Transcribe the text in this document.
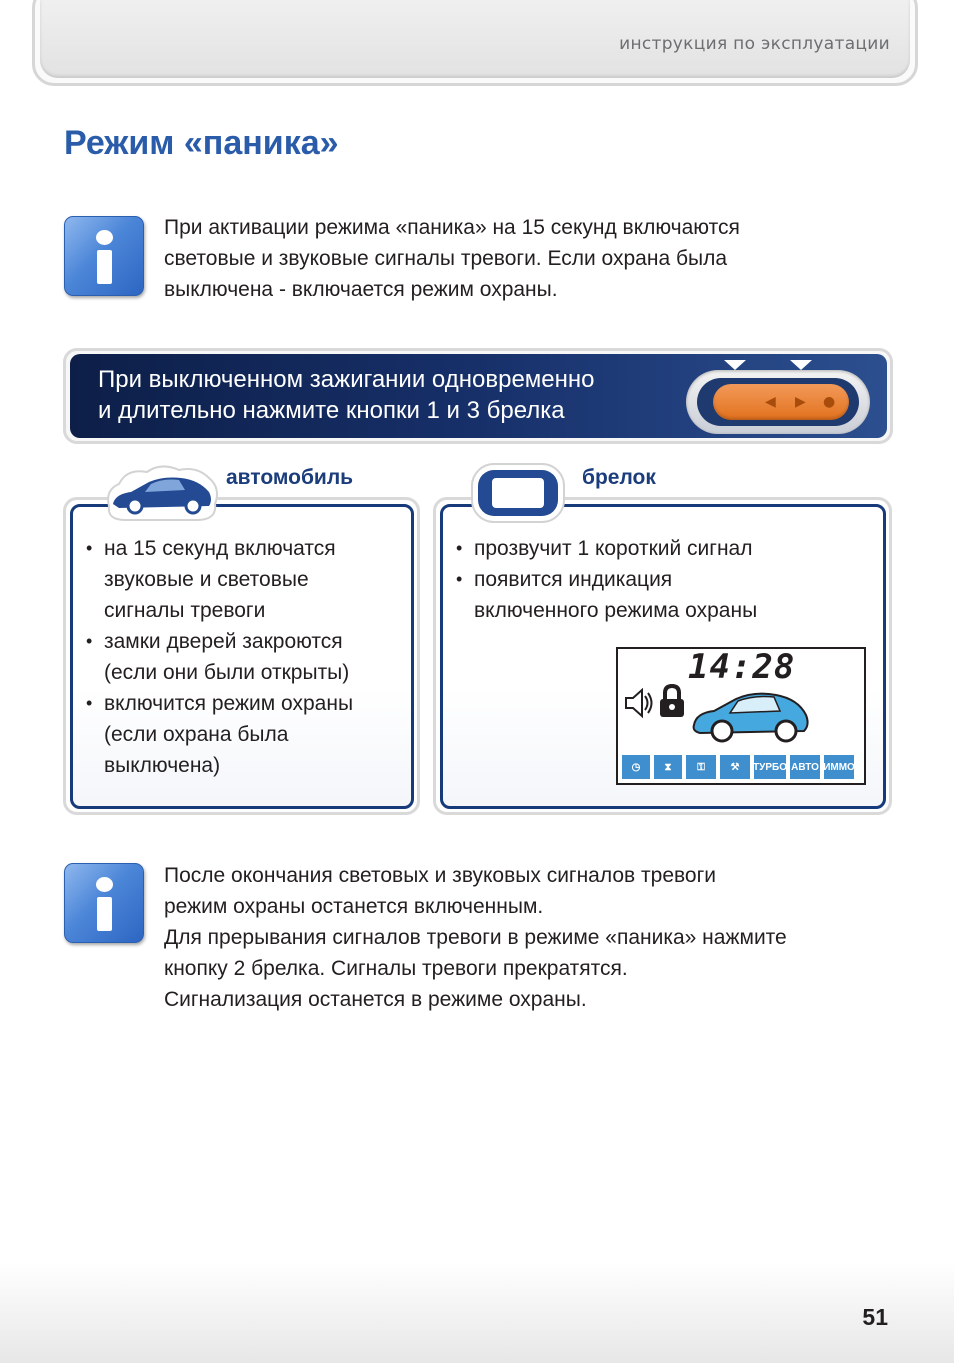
инструкция по эксплуатации
Режим «паника»

При активации режима «паника» на 15 секунд включаются
световые и звуковые сигналы тревоги. Если охрана была
выключена - включается режим охраны.

При выключенном зажигании одновременно
и длительно нажмите кнопки 1 и 3 брелка	◀ ▶ ●
автомобиль
• на 15 секунд включатся
звуковые и световые
сигналы тревоги
• замки дверей закроются
(если они были открыты)
• включится режим охраны
(если охрана была
выключена)
брелок
• прозвучит 1 короткий сигнал
• появится индикация
включенного режима охраны
14:28
◷	⧗	⚿	⚒	ТУРБО АВТО ИММО

После окончания световых и звуковых сигналов тревоги
режим охраны останется включенным.
Для прерывания сигналов тревоги в режиме «паника» нажмите
кнопку 2 брелка. Сигналы тревоги прекратятся.
Сигнализация останется в режиме охраны.

51
